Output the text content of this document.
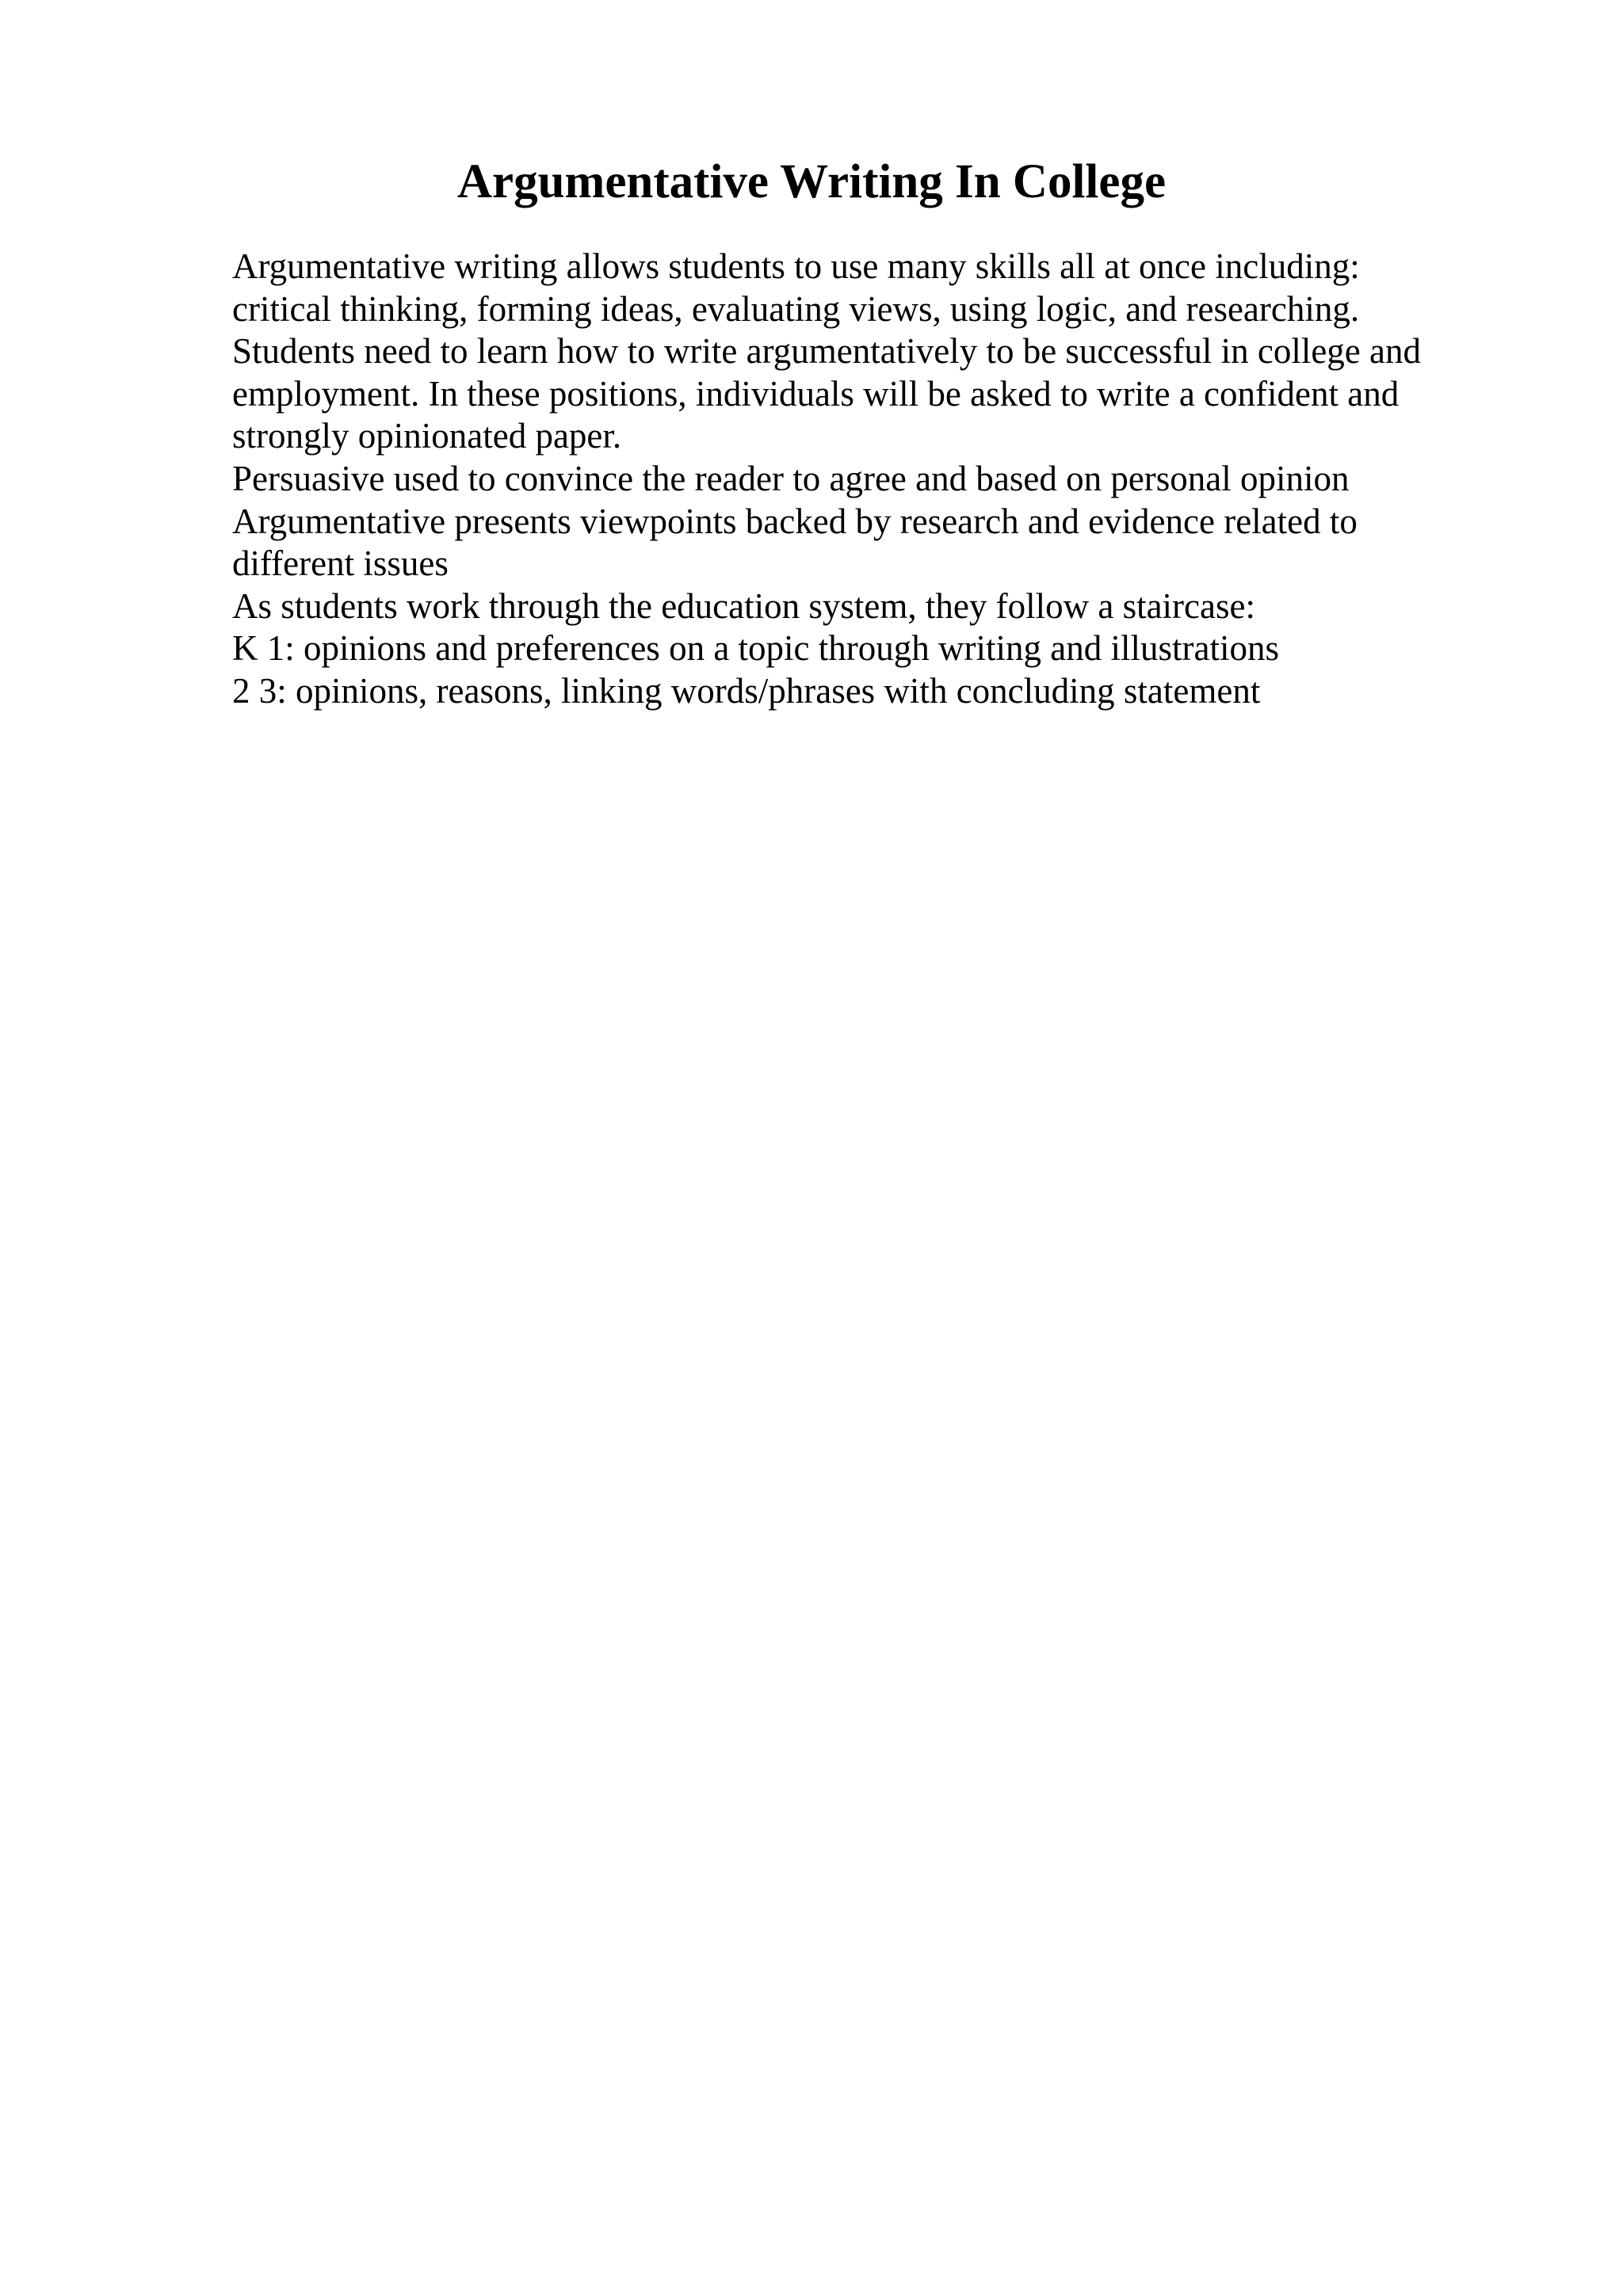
Argumentative Writing In College
Argumentative writing allows students to use many skills all at once including:
critical thinking, forming ideas, evaluating views, using logic, and researching.
Students need to learn how to write argumentatively to be successful in college and
employment. In these positions, individuals will be asked to write a confident and
strongly opinionated paper.
Persuasive used to convince the reader to agree and based on personal opinion
Argumentative presents viewpoints backed by research and evidence related to
different issues
As students work through the education system, they follow a staircase:
K 1: opinions and preferences on a topic through writing and illustrations
2 3: opinions, reasons, linking words/phrases with concluding statement
